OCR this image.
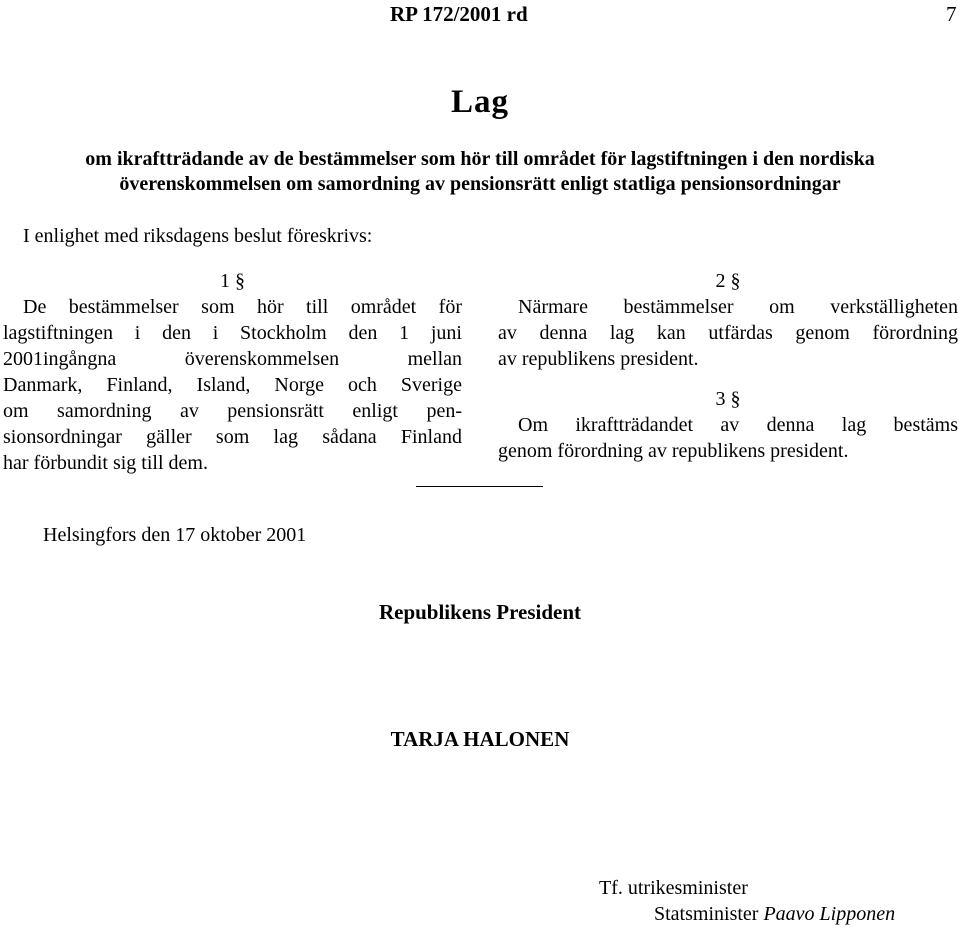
RP 172/2001 rd	7
Lag
om ikraftträdande av de bestämmelser som hör till området för lagstiftningen i den nordiska
överenskommelsen om samordning av pensionsrätt enligt statliga pensionsordningar
I enlighet med riksdagens beslut föreskrivs:
1 §
De bestämmelser som hör till området för
lagstiftningen i den i Stockholm den 1 juni
2001ingångna överenskommelsen mellan
Danmark, Finland, Island, Norge och Sverige
om samordning av pensionsrätt enligt pen-
sionsordningar gäller som lag sådana Finland
har förbundit sig till dem.
2 §
Närmare bestämmelser om verkställigheten
av denna lag kan utfärdas genom förordning
av republikens president.
3 §
Om ikraftträdandet av denna lag bestäms
genom förordning av republikens president.
Helsingfors den 17 oktober 2001
Republikens President
TARJA HALONEN
Tf. utrikesminister
Statsminister Paavo Lipponen
